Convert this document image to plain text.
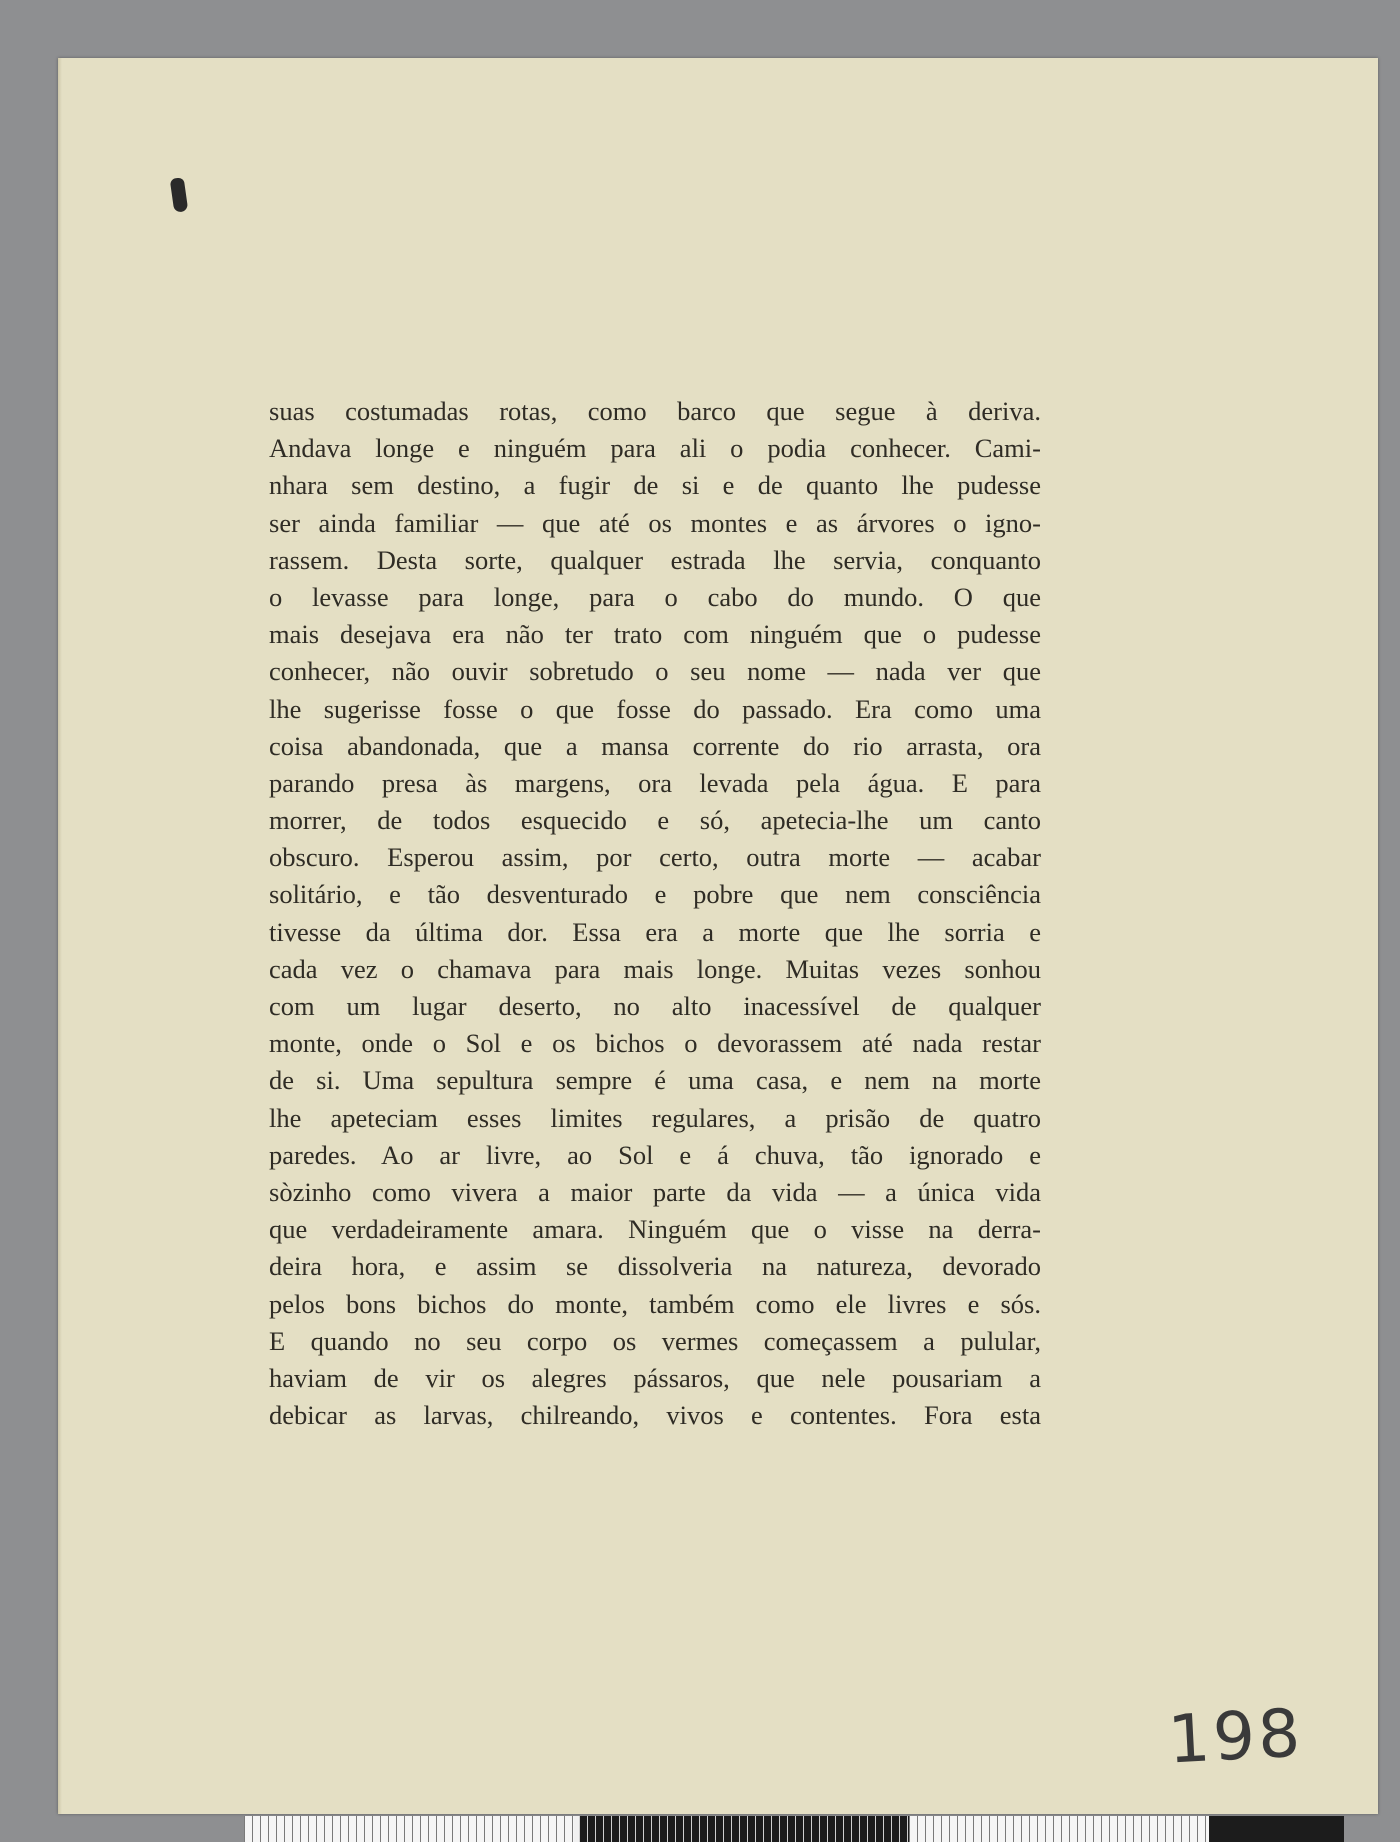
suas costumadas rotas, como barco que segue à deriva.
Andava longe e ninguém para ali o podia conhecer. Cami-
nhara sem destino, a fugir de si e de quanto lhe pudesse
ser ainda familiar — que até os montes e as árvores o igno-
rassem. Desta sorte, qualquer estrada lhe servia, conquanto
o levasse para longe, para o cabo do mundo. O que
mais desejava era não ter trato com ninguém que o pudesse
conhecer, não ouvir sobretudo o seu nome — nada ver que
lhe sugerisse fosse o que fosse do passado. Era como uma
coisa abandonada, que a mansa corrente do rio arrasta, ora
parando presa às margens, ora levada pela água. E para
morrer, de todos esquecido e só, apetecia-lhe um canto
obscuro. Esperou assim, por certo, outra morte — acabar
solitário, e tão desventurado e pobre que nem consciência
tivesse da última dor. Essa era a morte que lhe sorria e
cada vez o chamava para mais longe. Muitas vezes sonhou
com um lugar deserto, no alto inacessível de qualquer
monte, onde o Sol e os bichos o devorassem até nada restar
de si. Uma sepultura sempre é uma casa, e nem na morte
lhe apeteciam esses limites regulares, a prisão de quatro
paredes. Ao ar livre, ao Sol e á chuva, tão ignorado e
sòzinho como vivera a maior parte da vida — a única vida
que verdadeiramente amara. Ninguém que o visse na derra-
deira hora, e assim se dissolveria na natureza, devorado
pelos bons bichos do monte, também como ele livres e sós.
E quando no seu corpo os vermes começassem a pulular,
haviam de vir os alegres pássaros, que nele pousariam a
debicar as larvas, chilreando, vivos e contentes. Fora esta
198
